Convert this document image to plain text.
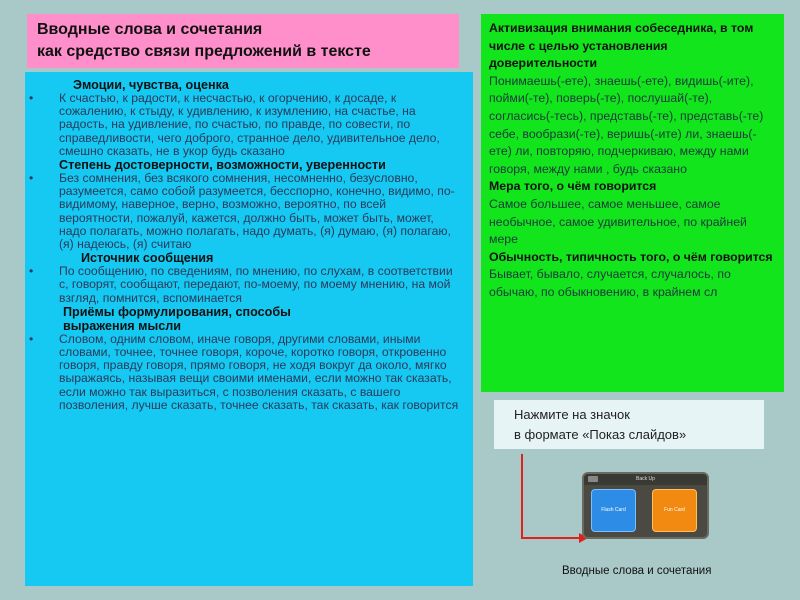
Вводные слова и сочетания
как средство связи предложений в тексте
Эмоции, чувства, оценка

• К счастью, к радости, к несчастью, к огорчению, к досаде, к сожалению, к стыду, к удивлению, к изумлению, на счастье, на радость, на удивление, по счастью, по правде, по совести, по справедливости, чего доброго, странное дело, удивительное дело, смешно сказать, не в укор будь сказано

Степень достоверности, возможности, уверенности

• Без сомнения, без всякого сомнения, несомненно, безусловно, разумеется, само собой разумеется, бесспорно, конечно, видимо, по-видимому, наверное, верно, возможно, вероятно, по всей вероятности, пожалуй, кажется, должно быть, может быть, может, надо полагать, можно полагать, надо думать, (я) думаю, (я) полагаю, (я) надеюсь, (я) считаю

Источник сообщения

• По сообщению, по сведениям, по мнению, по слухам, в соответствии с, говорят, сообщают, передают, по-моему, по моему мнению, на мой взгляд, помнится, вспоминается

Приёмы формулирования, способы выражения мысли

• Словом, одним словом, иначе говоря, другими словами, иными словами, точнее, точнее говоря, короче, коротко говоря, откровенно говоря, правду говоря, прямо говоря, не ходя вокруг да около, мягко выражаясь, называя вещи своими именами, если можно так сказать, если можно так выразиться, с позволения сказать, с вашего позволения, лучше сказать, точнее сказать, так сказать, как говорится

Активизация внимания собеседника, в том числе с целью установления доверительности
Понимаешь(-ете), знаешь(-ете), видишь(-ите), пойми(-те), поверь(-те), послушай(-те), согласись(-тесь), представь(-те), представь(-те) себе, вообрази(-те), веришь(-ите) ли, знаешь(- ете) ли, повторяю, подчеркиваю, между нами говоря, между нами , будь сказано
Мера того, о чём говорится
Самое большее, самое меньшее, самое необычное, самое удивительное, по крайней мере
Обычность, типичность того, о чём говорится
Бывает, бывало, случается, случалось, по обычаю, по обыкновению, в крайнем сл
Нажмите на значок
в формате «Показ слайдов»
Back Up
Flash Card	Fun Card
Вводные слова и сочетания
